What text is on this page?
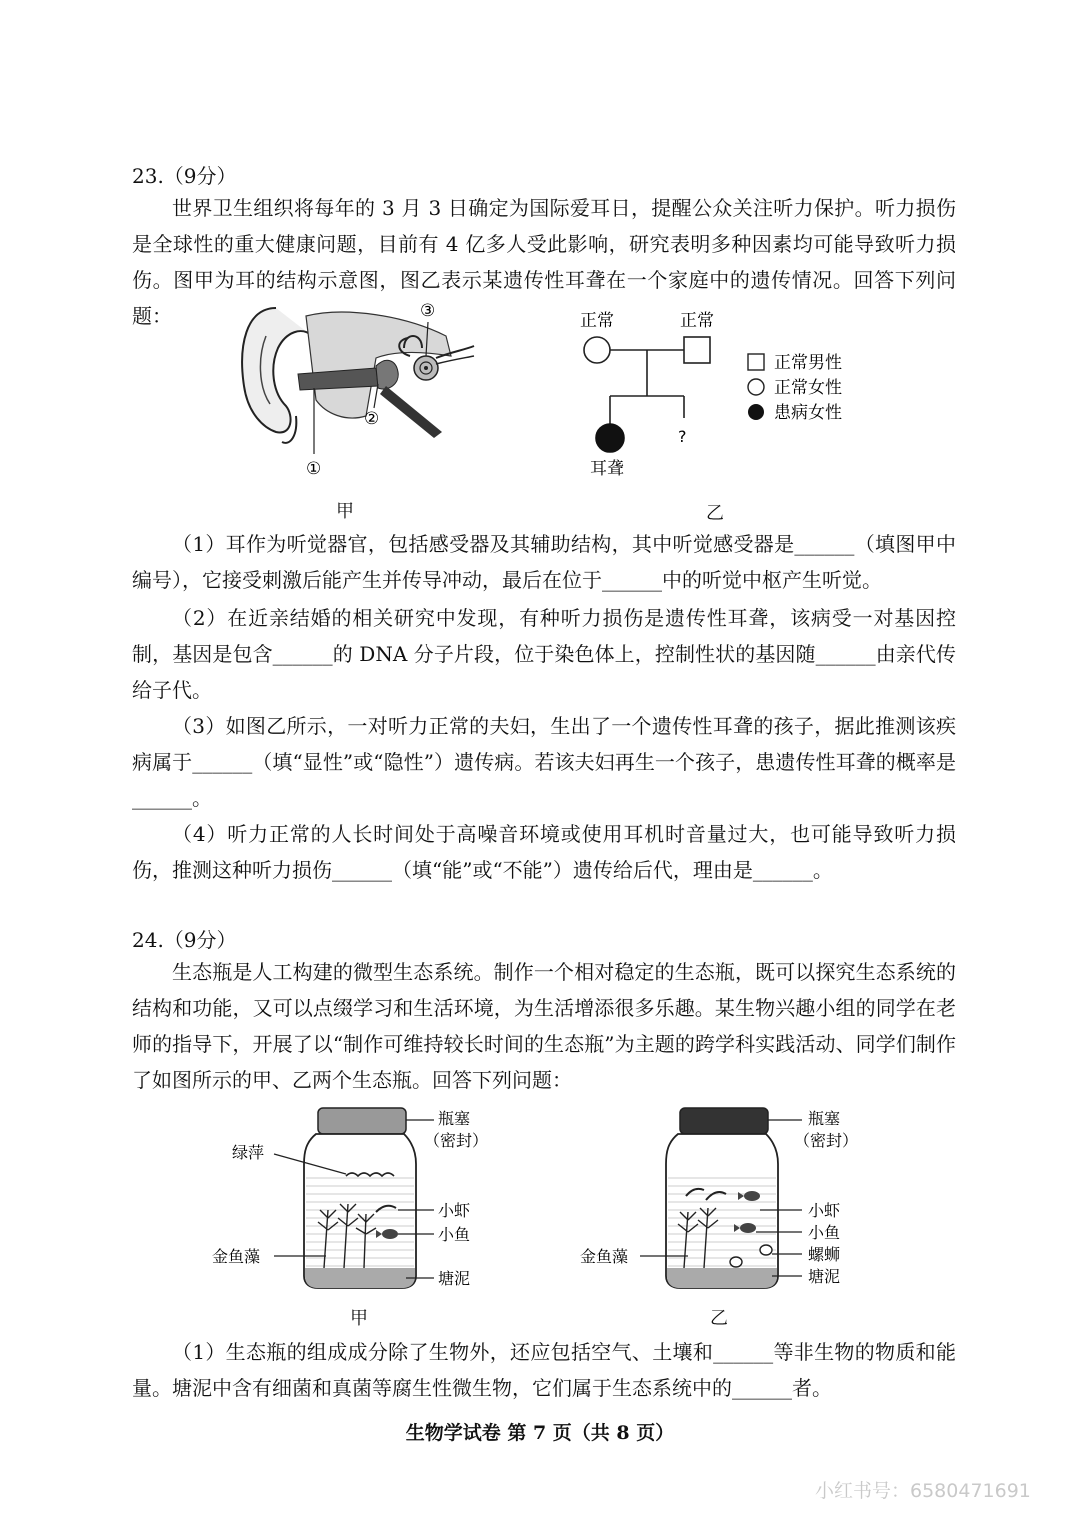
23.（9分）

世界卫生组织将每年的 3 月 3 日确定为国际爱耳日，提醒公众关注听力保护。听力损伤是全球性的重大健康问题，目前有 4 亿多人受此影响，研究表明多种因素均可能导致听力损伤。图甲为耳的结构示意图，图乙表示某遗传性耳聋在一个家庭中的遗传情况。回答下列问题：

①
②
③
甲
正常	正常
?
耳聋
正常男性
正常女性
患病女性
乙

（1）耳作为听觉器官，包括感受器及其辅助结构，其中听觉感受器是______（填图甲中编号），它接受刺激后能产生并传导冲动，最后在位于______中的听觉中枢产生听觉。

（2）在近亲结婚的相关研究中发现，有种听力损伤是遗传性耳聋，该病受一对基因控制，基因是包含______的 DNA 分子片段，位于染色体上，控制性状的基因随______由亲代传给子代。

（3）如图乙所示，一对听力正常的夫妇，生出了一个遗传性耳聋的孩子，据此推测该疾病属于______（填“显性”或“隐性”）遗传病。若该夫妇再生一个孩子，患遗传性耳聋的概率是______。

（4）听力正常的人长时间处于高噪音环境或使用耳机时音量过大，也可能导致听力损伤，推测这种听力损伤______（填“能”或“不能”）遗传给后代，理由是______。

24.（9分）

生态瓶是人工构建的微型生态系统。制作一个相对稳定的生态瓶，既可以探究生态系统的结构和功能，又可以点缀学习和生活环境，为生活增添很多乐趣。某生物兴趣小组的同学在老师的指导下，开展了以“制作可维持较长时间的生态瓶”为主题的跨学科实践活动、同学们制作了如图所示的甲、乙两个生态瓶。回答下列问题：

瓶塞
（密封）
绿萍
小虾
小鱼
金鱼藻
塘泥
甲
瓶塞
（密封）
小虾
小鱼
螺蛳
金鱼藻
塘泥
乙

（1）生态瓶的组成成分除了生物外，还应包括空气、土壤和______等非生物的物质和能量。塘泥中含有细菌和真菌等腐生性微生物，它们属于生态系统中的______者。

生物学试卷 第 7 页（共 8 页）
小红书号：6580471691
